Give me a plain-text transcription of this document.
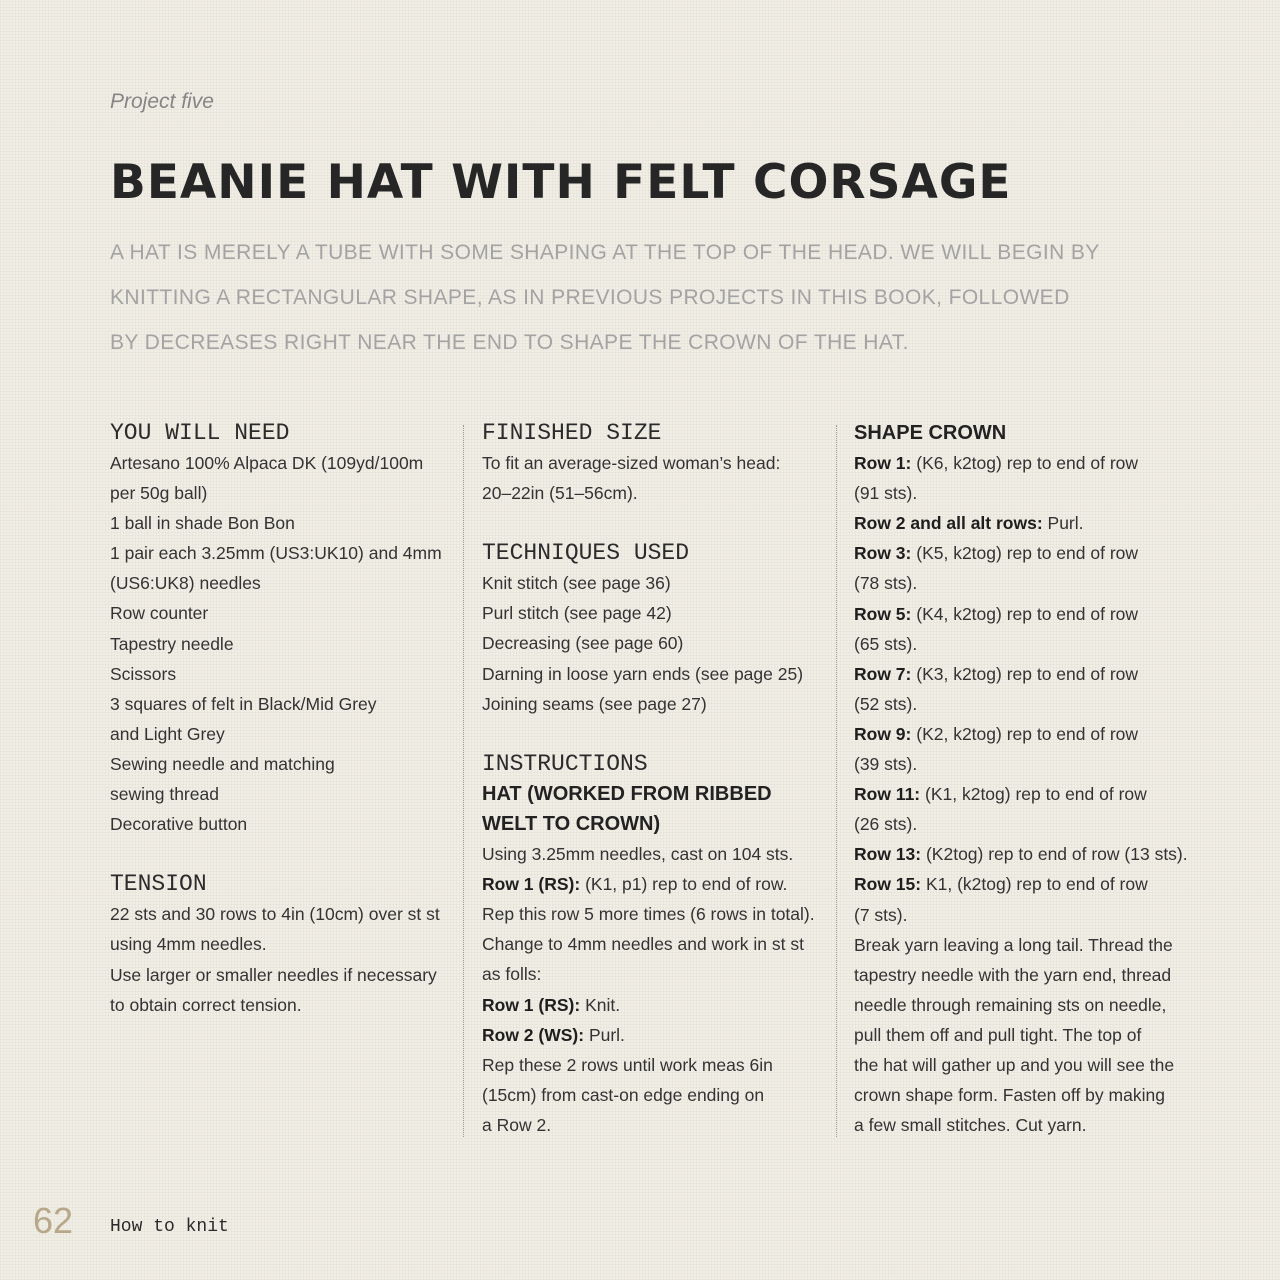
Project five
BEANIE HAT WITH FELT CORSAGE
A HAT IS MERELY A TUBE WITH SOME SHAPING AT THE TOP OF THE HEAD. WE WILL BEGIN BY
KNITTING A RECTANGULAR SHAPE, AS IN PREVIOUS PROJECTS IN THIS BOOK, FOLLOWED
BY DECREASES RIGHT NEAR THE END TO SHAPE THE CROWN OF THE HAT.
YOU WILL NEED
Artesano 100% Alpaca DK (109yd/100m
per 50g ball)
1 ball in shade Bon Bon
1 pair each 3.25mm (US3:UK10) and 4mm
(US6:UK8) needles
Row counter
Tapestry needle
Scissors
3 squares of felt in Black/Mid Grey
and Light Grey
Sewing needle and matching
sewing thread
Decorative button
TENSION
22 sts and 30 rows to 4in (10cm) over st st
using 4mm needles.
Use larger or smaller needles if necessary
to obtain correct tension.
FINISHED SIZE
To fit an average-sized woman’s head:
20–22in (51–56cm).
TECHNIQUES USED
Knit stitch (see page 36)
Purl stitch (see page 42)
Decreasing (see page 60)
Darning in loose yarn ends (see page 25)
Joining seams (see page 27)
INSTRUCTIONS
HAT (WORKED FROM RIBBED
WELT TO CROWN)
Using 3.25mm needles, cast on 104 sts.
Row 1 (RS): (K1, p1) rep to end of row.
Rep this row 5 more times (6 rows in total).
Change to 4mm needles and work in st st
as folls:
Row 1 (RS): Knit.
Row 2 (WS): Purl.
Rep these 2 rows until work meas 6in
(15cm) from cast-on edge ending on
a Row 2.
SHAPE CROWN
Row 1: (K6, k2tog) rep to end of row
(91 sts).
Row 2 and all alt rows: Purl.
Row 3: (K5, k2tog) rep to end of row
(78 sts).
Row 5: (K4, k2tog) rep to end of row
(65 sts).
Row 7: (K3, k2tog) rep to end of row
(52 sts).
Row 9: (K2, k2tog) rep to end of row
(39 sts).
Row 11: (K1, k2tog) rep to end of row
(26 sts).
Row 13: (K2tog) rep to end of row (13 sts).
Row 15: K1, (k2tog) rep to end of row
(7 sts).
Break yarn leaving a long tail. Thread the
tapestry needle with the yarn end, thread
needle through remaining sts on needle,
pull them off and pull tight. The top of
the hat will gather up and you will see the
crown shape form. Fasten off by making
a few small stitches. Cut yarn.
62 How to knit
